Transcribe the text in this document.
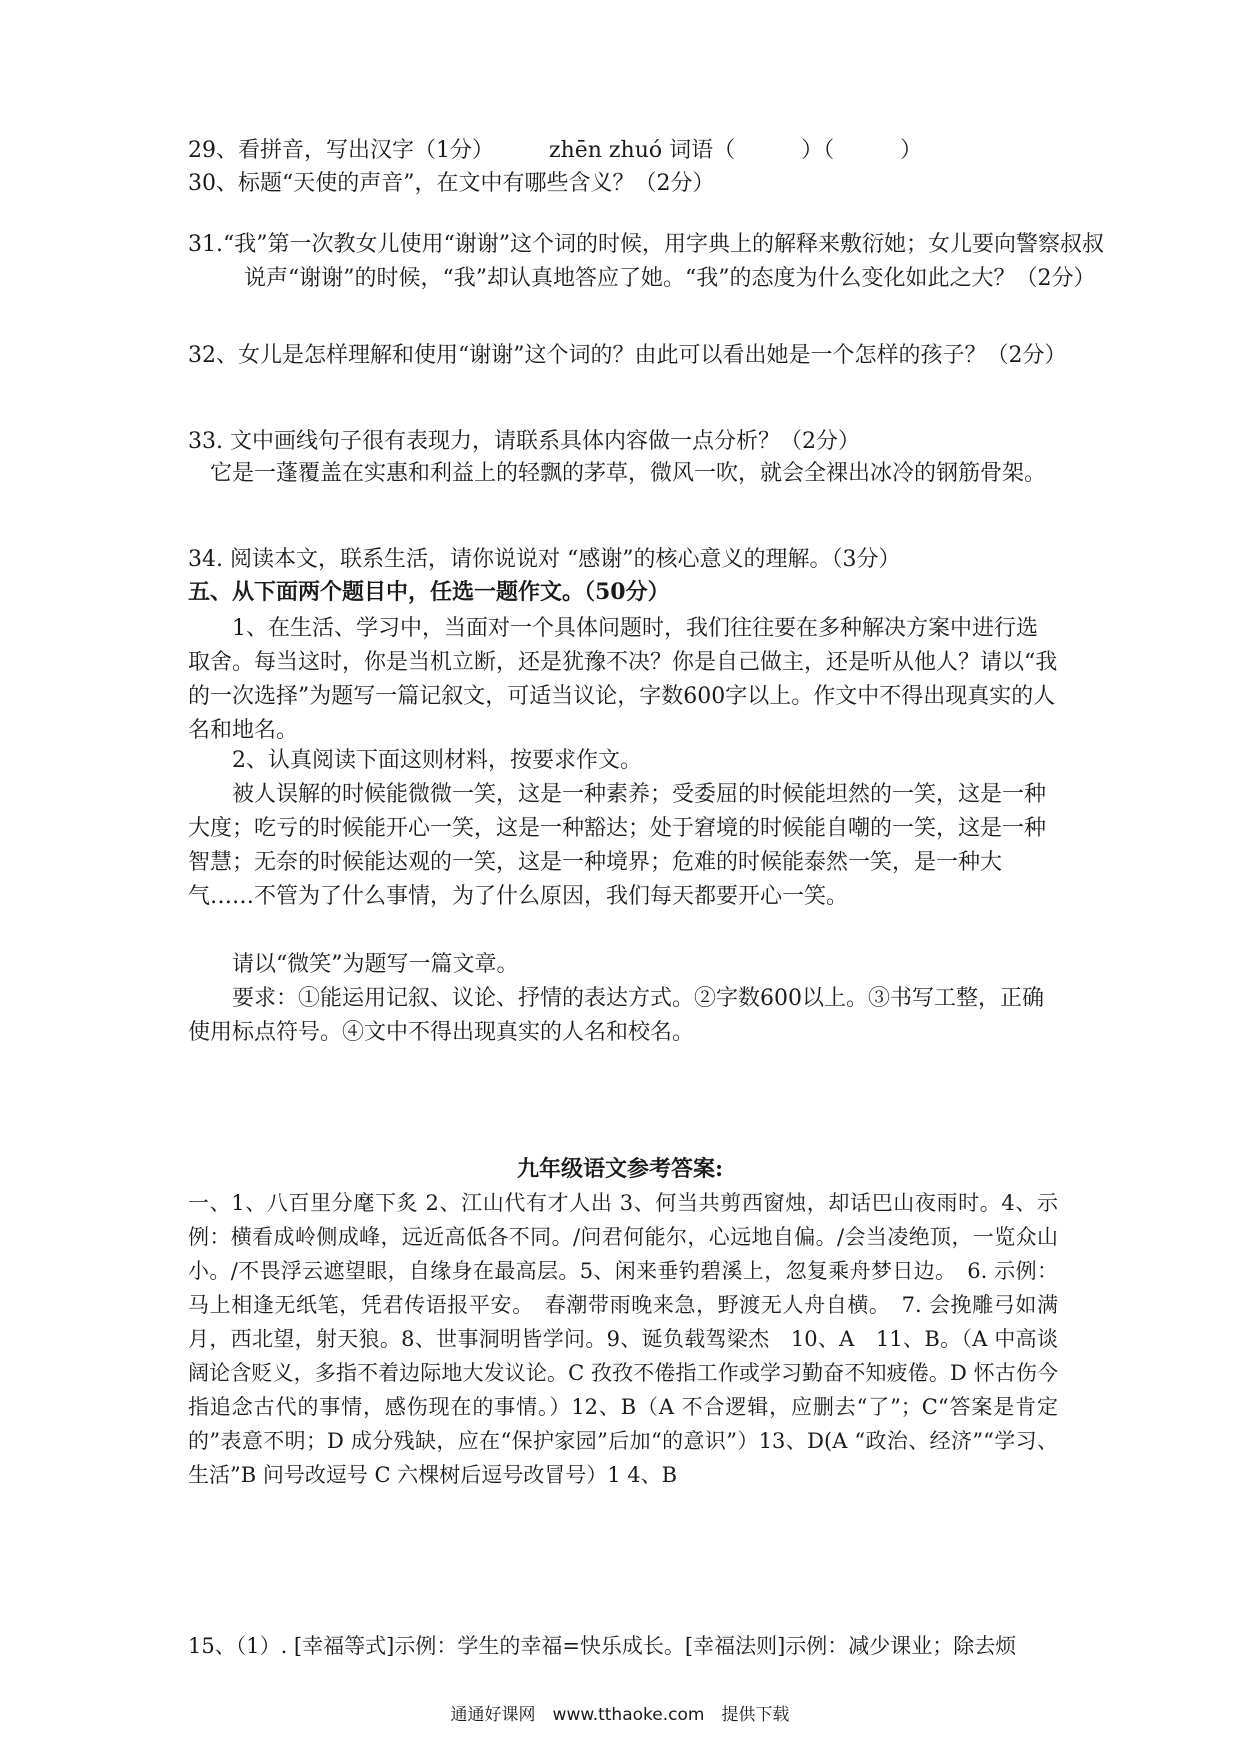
29、看拼音，写出汉字（1分）　　　zhēn zhuó 词语（　　　）（　　　）
30、标题“天使的声音”，在文中有哪些含义？（2分）
31.“我”第一次教女儿使用“谢谢”这个词的时候，用字典上的解释来敷衍她；女儿要向警察叔叔说声“谢谢”的时候，“我”却认真地答应了她。“我”的态度为什么变化如此之大？（2分）
32、女儿是怎样理解和使用“谢谢”这个词的？由此可以看出她是一个怎样的孩子？（2分）
33. 文中画线句子很有表现力，请联系具体内容做一点分析？（2分）
它是一蓬覆盖在实惠和利益上的轻飘的茅草，微风一吹，就会全裸出冰冷的钢筋骨架。
34. 阅读本文，联系生活，请你说说对 “感谢”的核心意义的理解。（3分）
五、从下面两个题目中，任选一题作文。（50分）
1、在生活、学习中，当面对一个具体问题时，我们往往要在多种解决方案中进行选取舍。每当这时，你是当机立断，还是犹豫不决？你是自己做主，还是听从他人？请以“我的一次选择”为题写一篇记叙文，可适当议论，字数600字以上。作文中不得出现真实的人名和地名。
2、认真阅读下面这则材料，按要求作文。
被人误解的时候能微微一笑，这是一种素养；受委屈的时候能坦然的一笑，这是一种大度；吃亏的时候能开心一笑，这是一种豁达；处于窘境的时候能自嘲的一笑，这是一种智慧；无奈的时候能达观的一笑，这是一种境界；危难的时候能泰然一笑，是一种大气……不管为了什么事情，为了什么原因，我们每天都要开心一笑。
请以“微笑”为题写一篇文章。
要求：①能运用记叙、议论、抒情的表达方式。②字数600以上。③书写工整，正确使用标点符号。④文中不得出现真实的人名和校名。
九年级语文参考答案:
一、1、八百里分麾下炙 2、江山代有才人出 3、何当共剪西窗烛，却话巴山夜雨时。4、示例：横看成岭侧成峰，远近高低各不同。/问君何能尔，心远地自偏。/会当凌绝顶，一览众山小。/不畏浮云遮望眼，自缘身在最高层。5、闲来垂钓碧溪上，忽复乘舟梦日边。　6. 示例：马上相逢无纸笔，凭君传语报平安。　春潮带雨晚来急，野渡无人舟自横。　7. 会挽雕弓如满月，西北望，射天狼。8、世事洞明皆学问。9、诞负载驾梁杰　10、A　11、B。（A 中高谈阔论含贬义，多指不着边际地大发议论。C 孜孜不倦指工作或学习勤奋不知疲倦。D 怀古伤今指追念古代的事情，感伤现在的事情。）12、B（A 不合逻辑，应删去“了”；C“答案是肯定的”表意不明；D 成分残缺，应在“保护家园”后加“的意识”）13、D(A “政治、经济”“学习、生活”B 问号改逗号 C 六棵树后逗号改冒号）1 4、B
15、（1）. [幸福等式]示例：学生的幸福=快乐成长。[幸福法则]示例：减少课业；除去烦
通通好课网　www.tthaoke.com　提供下载
